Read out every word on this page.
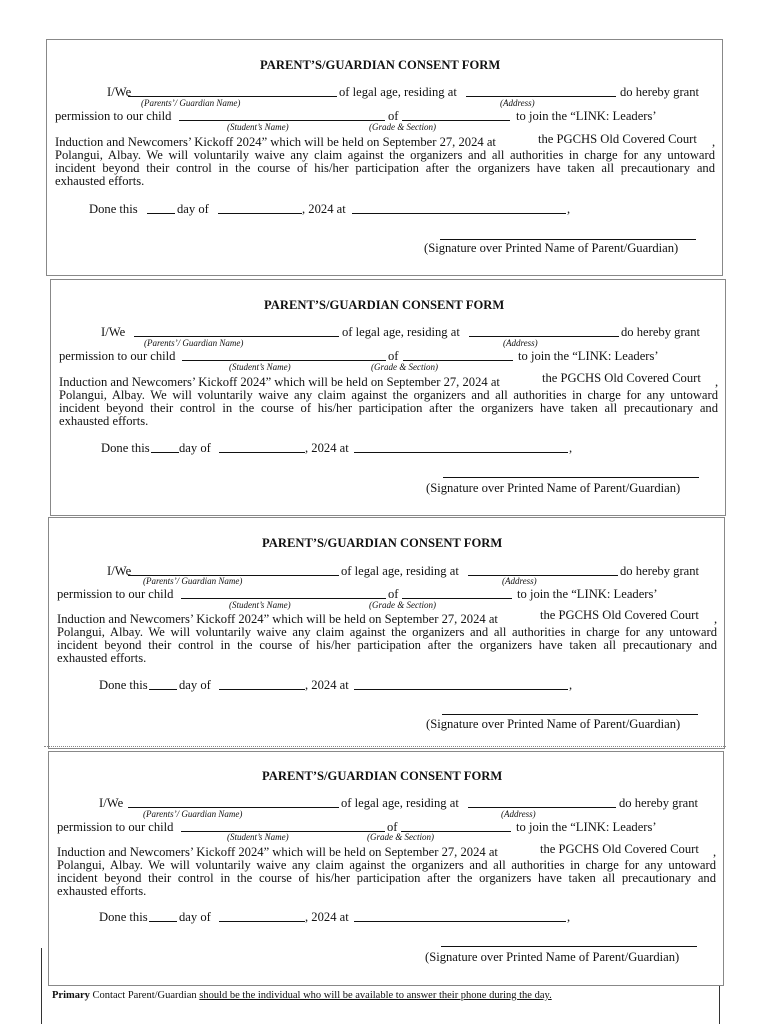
PARENT’S/GUARDIAN CONSENT FORM
I/We	of legal age, residing at	do hereby grant
(Parents’/ Guardian Name)	(Address)
permission to our child	of	to join the “LINK: Leaders’
(Student’s Name)	(Grade & Section)
Induction and Newcomers’ Kickoff 2024” which will be held on September 27, 2024 at	the PGCHS Old Covered Court ,
Polangui, Albay. We will voluntarily waive any claim against the organizers and all authorities in charge for any untoward
incident beyond their control in the course of his/her participation after the organizers have taken all precautionary and
exhausted efforts.
Done this	day of	, 2024 at	,
(Signature over Printed Name of Parent/Guardian)
PARENT’S/GUARDIAN CONSENT FORM
I/We	of legal age, residing at	do hereby grant
(Parents’/ Guardian Name)	(Address)
permission to our child	of	to join the “LINK: Leaders’
(Student’s Name)	(Grade & Section)
Induction and Newcomers’ Kickoff 2024” which will be held on September 27, 2024 at	the PGCHS Old Covered Court ,
Polangui, Albay. We will voluntarily waive any claim against the organizers and all authorities in charge for any untoward
incident beyond their control in the course of his/her participation after the organizers have taken all precautionary and
exhausted efforts.
Done this day of	, 2024 at	,
(Signature over Printed Name of Parent/Guardian)
PARENT’S/GUARDIAN CONSENT FORM
I/We	of legal age, residing at	do hereby grant
(Parents’/ Guardian Name)	(Address)
permission to our child	of	to join the “LINK: Leaders’
(Student’s Name)	(Grade & Section)
Induction and Newcomers’ Kickoff 2024” which will be held on September 27, 2024 at	the PGCHS Old Covered Court ,
Polangui, Albay. We will voluntarily waive any claim against the organizers and all authorities in charge for any untoward
incident beyond their control in the course of his/her participation after the organizers have taken all precautionary and
exhausted efforts.
Done this day of	, 2024 at	,
(Signature over Printed Name of Parent/Guardian)
PARENT’S/GUARDIAN CONSENT FORM
I/We	of legal age, residing at	do hereby grant
(Parents’/ Guardian Name)	(Address)
permission to our child	of	to join the “LINK: Leaders’
(Student’s Name)	(Grade & Section)
Induction and Newcomers’ Kickoff 2024” which will be held on September 27, 2024 at	the PGCHS Old Covered Court ,
Polangui, Albay. We will voluntarily waive any claim against the organizers and all authorities in charge for any untoward
incident beyond their control in the course of his/her participation after the organizers have taken all precautionary and
exhausted efforts.
Done this day of	, 2024 at	,
(Signature over Printed Name of Parent/Guardian)
Primary Contact Parent/Guardian should be the individual who will be available to answer their phone during the day.
